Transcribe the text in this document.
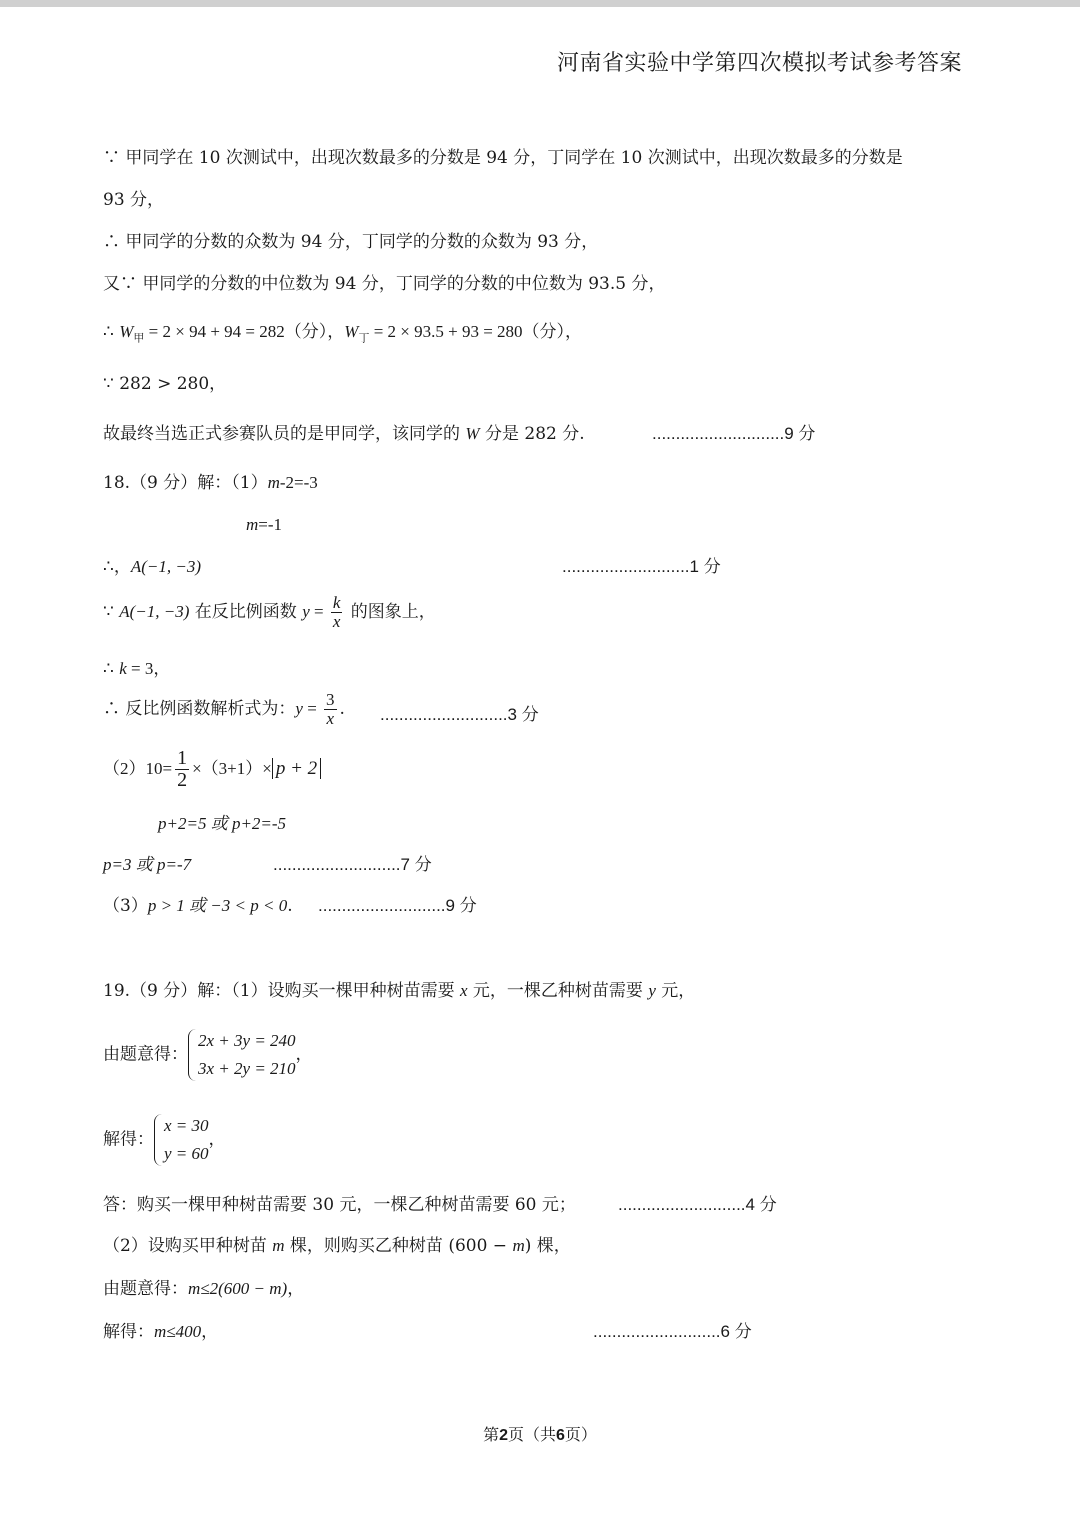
河南省实验中学第四次模拟考试参考答案
∵ 甲同学在 10 次测试中，出现次数最多的分数是 94 分，丁同学在 10 次测试中，出现次数最多的分数是
93 分，
∴ 甲同学的分数的众数为 94 分，丁同学的分数的众数为 93 分，
又∵ 甲同学的分数的中位数为 94 分，丁同学的分数的中位数为 93.5 分，
∴ $W_甲 = 2 \times 94 + 94 = 282$（分），$W_丁 = 2 \times 93.5 + 93 = 280$（分），
∵ 282 > 280，
故最终当选正式参赛队员的是甲同学，该同学的 W 分是 282 分.	............................9 分
18.（9 分）解：（1）m-2=-3
m=-1
∴，A(−1, −3)	...........................1 分
∵ A(−1, −3) 在反比例函数 $y = \frac{k}{x}$ 的图象上，
∴ k = 3，
∴ 反比例函数解析式为：$y = \frac{3}{x}$ . ...........................3 分
$(2)10= \frac{1}{2} \times(3+1)\times p + 2$
p+2=5 或 p+2=-5
p=3 或 p=-7	...........................7 分
（3）p > 1 或 −3 < p < 0. ...........................9 分
19.（9 分）解：（1）设购买一棵甲种树苗需要 x 元，一棵乙种树苗需要 y 元，
由题意得：
2x + 3y = 240
3x + 2y = 210
，
解得：
x = 30
y = 60
，
答：购买一棵甲种树苗需要 30 元，一棵乙种树苗需要 60 元； ...........................4 分
（2）设购买甲种树苗 m 棵，则购买乙种树苗 (600 − m) 棵，
由题意得：m≤2(600 − m)，
解得：m≤400，	...........................6 分
第2页（共6页）
